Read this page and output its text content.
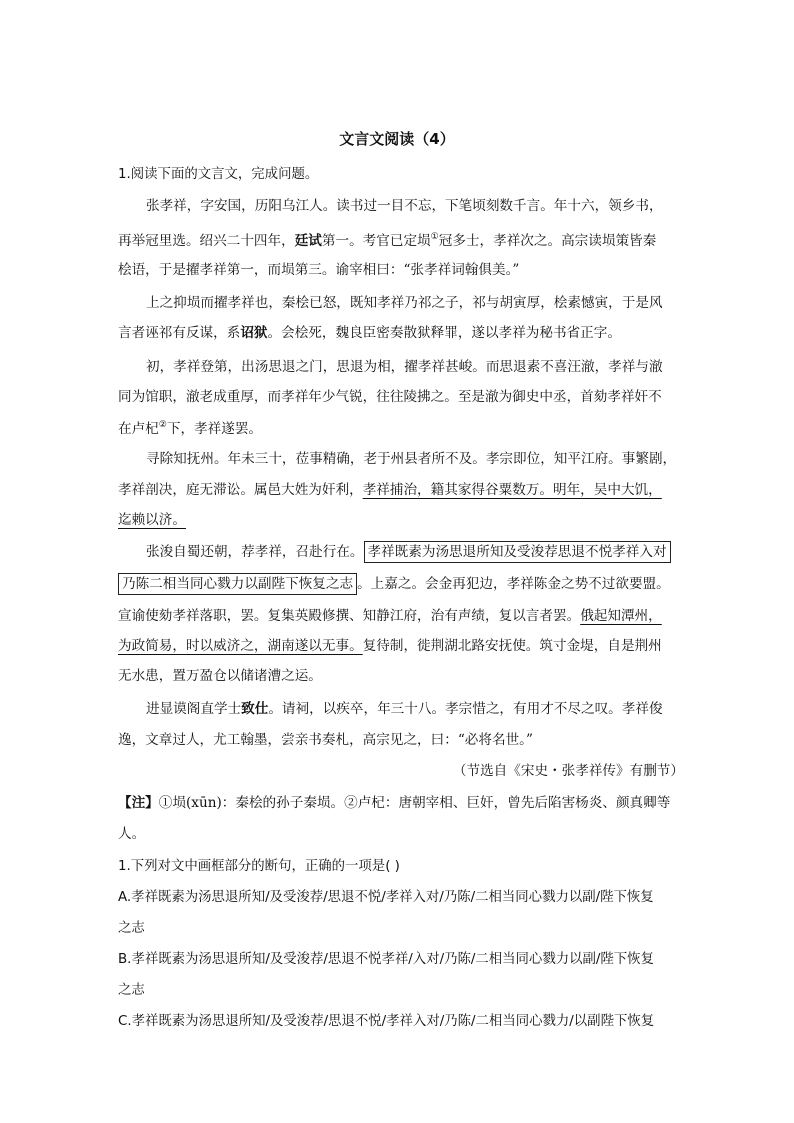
文言文阅读（4）
1.阅读下面的文言文，完成问题。
张孝祥，字安国，历阳乌江人。读书过一目不忘，下笔顷刻数千言。年十六，领乡书，
再举冠里选。绍兴二十四年，廷试第一。考官已定埙①冠多士，孝祥次之。高宗读埙策皆秦
桧语，于是擢孝祥第一，而埙第三。谕宰相曰：“张孝祥词翰俱美。”
上之抑埙而擢孝祥也，秦桧已怒，既知孝祥乃祁之子，祁与胡寅厚，桧素憾寅，于是风
言者诬祁有反谋，系诏狱。会桧死，魏良臣密奏散狱释罪，遂以孝祥为秘书省正字。
初，孝祥登第，出汤思退之门，思退为相，擢孝祥甚峻。而思退素不喜汪澈，孝祥与澈
同为馆职，澈老成重厚，而孝祥年少气锐，往往陵拂之。至是澈为御史中丞，首劾孝祥奸不
在卢杞②下，孝祥遂罢。
寻除知抚州。年未三十，莅事精确，老于州县者所不及。孝宗即位，知平江府。事繁剧，
孝祥剖决，庭无滞讼。属邑大姓为奸利，孝祥捕治，籍其家得谷粟数万。明年，吴中大饥，
迄赖以济。
张浚自蜀还朝，荐孝祥，召赴行在。 孝祥既素为汤思退所知及受浚荐思退不悦孝祥入对
乃陈二相当同心戮力以副陛下恢复之志 。上嘉之。会金再犯边，孝祥陈金之势不过欲要盟。
宣谕使劾孝祥落职，罢。复集英殿修撰、知静江府，治有声绩，复以言者罢。俄起知潭州，
为政简易，时以威济之，湖南遂以无事。复待制，徙荆湖北路安抚使。筑寸金堤，自是荆州
无水患，置万盈仓以储诸漕之运。
进显谟阁直学士致仕。请祠，以疾卒，年三十八。孝宗惜之，有用才不尽之叹。孝祥俊
逸，文章过人，尤工翰墨，尝亲书奏札，高宗见之，曰：“必将名世。”
（节选自《宋史・张孝祥传》有删节）
【注】①埙(xūn)：秦桧的孙子秦埙。②卢杞：唐朝宰相、巨奸，曾先后陷害杨炎、颜真卿等
人。
1.下列对文中画框部分的断句，正确的一项是( )
A.孝祥既素为汤思退所知/及受浚荐/思退不悦/孝祥入对/乃陈/二相当同心戮力以副/陛下恢复
之志
B.孝祥既素为汤思退所知/及受浚荐/思退不悦孝祥/入对/乃陈/二相当同心戮力以副/陛下恢复
之志
C.孝祥既素为汤思退所知/及受浚荐/思退不悦/孝祥入对/乃陈/二相当同心戮力/以副陛下恢复
